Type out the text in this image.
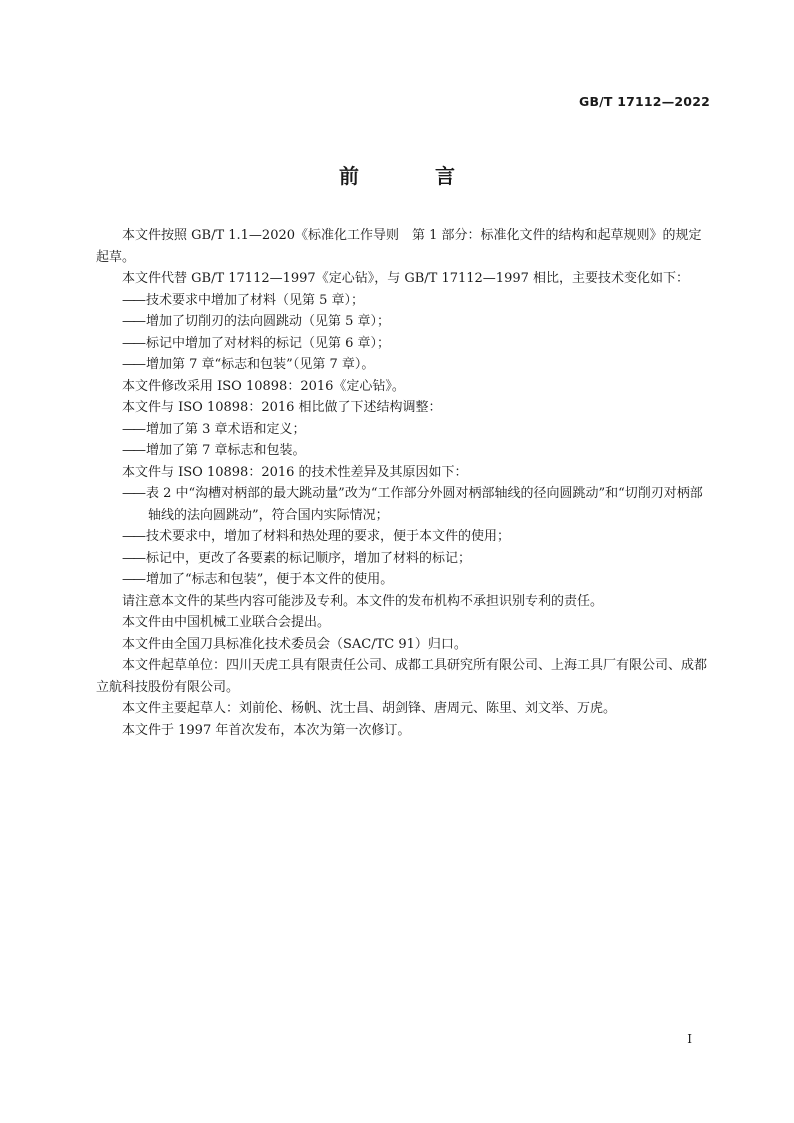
GB/T 17112—2022
前　言

本文件按照 GB/T 1.1—2020《标准化工作导则　第 1 部分：标准化文件的结构和起草规则》的规定起草。

本文件代替 GB/T 17112—1997《定心钻》，与 GB/T 17112—1997 相比，主要技术变化如下：

—— 技术要求中增加了材料（见第 5 章）；

—— 增加了切削刃的法向圆跳动（见第 5 章）；

—— 标记中增加了对材料的标记（见第 6 章）；

—— 增加第 7 章“标志和包装”（见第 7 章）。

本文件修改采用 ISO 10898：2016《定心钻》。

本文件与 ISO 10898：2016 相比做了下述结构调整：

—— 增加了第 3 章术语和定义；

—— 增加了第 7 章标志和包装。

本文件与 ISO 10898：2016 的技术性差异及其原因如下：

—— 表 2 中“沟槽对柄部的最大跳动量”改为“工作部分外圆对柄部轴线的径向圆跳动”和“切削刃对柄部轴线的法向圆跳动”，符合国内实际情况；

—— 技术要求中，增加了材料和热处理的要求，便于本文件的使用；

—— 标记中，更改了各要素的标记顺序，增加了材料的标记；

—— 增加了“标志和包装”，便于本文件的使用。

请注意本文件的某些内容可能涉及专利。本文件的发布机构不承担识别专利的责任。

本文件由中国机械工业联合会提出。

本文件由全国刀具标准化技术委员会（SAC/TC 91）归口。

本文件起草单位：四川天虎工具有限责任公司、成都工具研究所有限公司、上海工具厂有限公司、成都立航科技股份有限公司。

本文件主要起草人：刘前伦、杨帆、沈士昌、胡剑锋、唐周元、陈里、刘文举、万虎。

本文件于 1997 年首次发布，本次为第一次修订。

I
